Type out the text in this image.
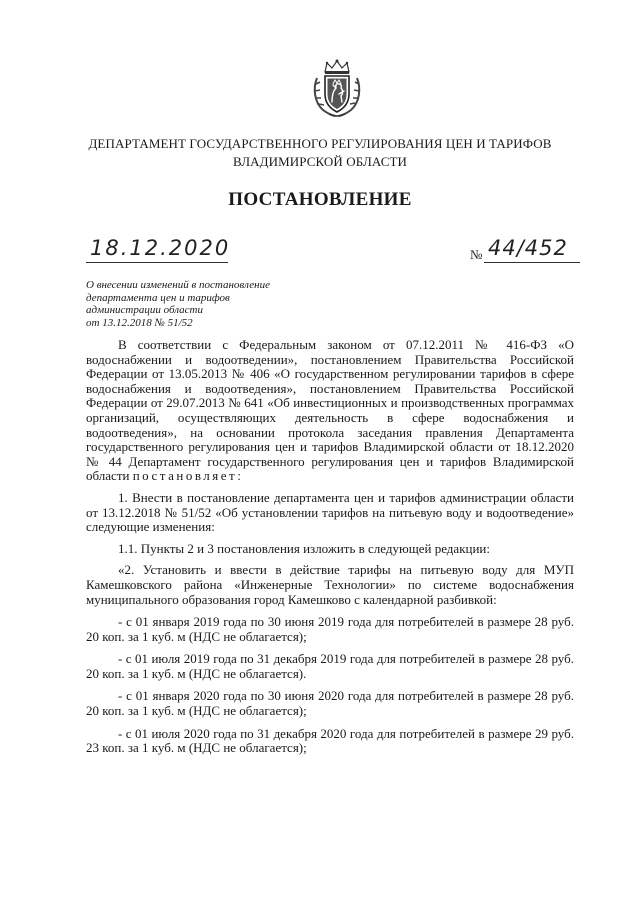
ДЕПАРТАМЕНТ ГОСУДАРСТВЕННОГО РЕГУЛИРОВАНИЯ ЦЕН И ТАРИФОВ
ВЛАДИМИРСКОЙ ОБЛАСТИ
ПОСТАНОВЛЕНИЕ
18.12.2020	№ 44/452
О внесении изменений в постановление
департамента цен и тарифов
администрации области
от 13.12.2018 № 51/52

В соответствии с Федеральным законом от 07.12.2011 № 416-ФЗ «О водоснабжении и водоотведении», постановлением Правительства Российской Федерации от 13.05.2013 № 406 «О государственном регулировании тарифов в сфере водоснабжения и водоотведения», постановлением Правительства Российской Федерации от 29.07.2013 № 641 «Об инвестиционных и производственных программах организаций, осуществляющих деятельность в сфере водоснабжения и водоотведения», на основании протокола заседания правления Департамента государственного регулирования цен и тарифов Владимирской области от 18.12.2020 № 44 Департамент государственного регулирования цен и тарифов Владимирской области постановляет:

1. Внести в постановление департамента цен и тарифов администрации области от 13.12.2018 № 51/52 «Об установлении тарифов на питьевую воду и водоотведение» следующие изменения:

1.1. Пункты 2 и 3 постановления изложить в следующей редакции:

«2. Установить и ввести в действие тарифы на питьевую воду для МУП Камешковского района «Инженерные Технологии» по системе водоснабжения муниципального образования город Камешково с календарной разбивкой:

- с 01 января 2019 года по 30 июня 2019 года для потребителей в размере 28 руб. 20 коп. за 1 куб. м (НДС не облагается);

- с 01 июля 2019 года по 31 декабря 2019 года для потребителей в размере 28 руб. 20 коп. за 1 куб. м (НДС не облагается).

- с 01 января 2020 года по 30 июня 2020 года для потребителей в размере 28 руб. 20 коп. за 1 куб. м (НДС не облагается);

- с 01 июля 2020 года по 31 декабря 2020 года для потребителей в размере 29 руб. 23 коп. за 1 куб. м (НДС не облагается);
